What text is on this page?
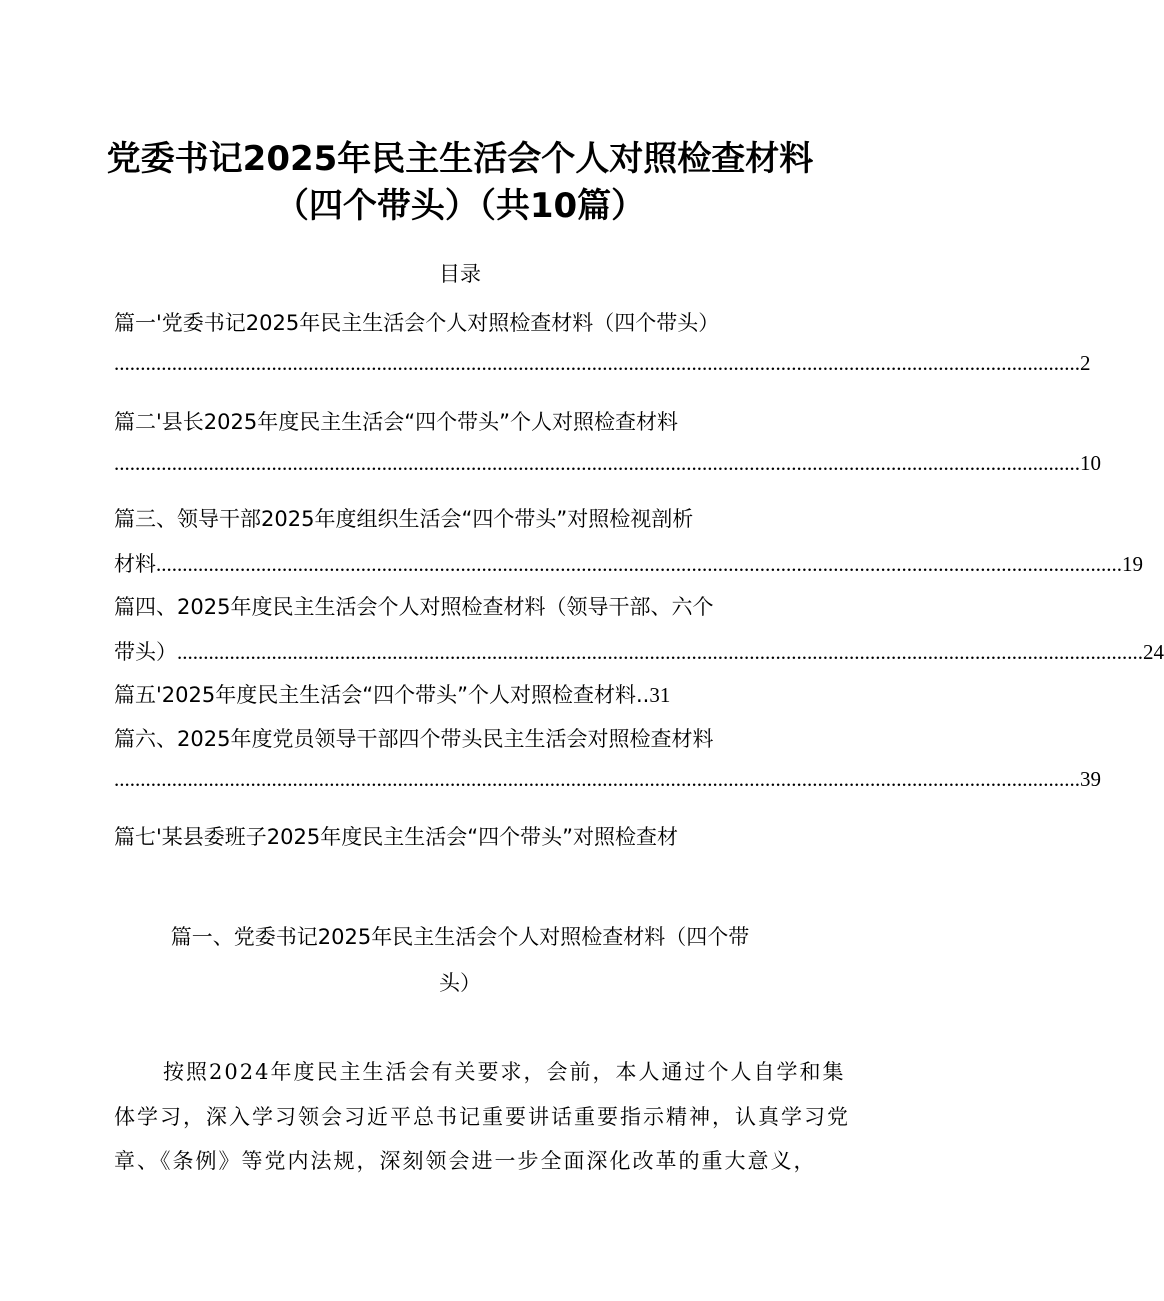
党委书记2025年民主生活会个人对照检查材料
（四个带头）（共10篇）
目录
篇一'党委书记2025年民主生活会个人对照检查材料（四个带头）
........................................................................................................................................................................................ 2
篇二'县长2025年度民主生活会“四个带头”个人对照检查材料
........................................................................................................................................................................................ 10
篇三、领导干部2025年度组织生活会“四个带头”对照检视剖析
材料 ........................................................................................................................................................................................ 19
篇四、2025年度民主生活会个人对照检查材料（领导干部、六个
带头） ........................................................................................................................................................................................ 24
篇五'2025年度民主生活会“四个带头”个人对照检查材料.. 31
篇六、2025年度党员领导干部四个带头民主生活会对照检查材料
........................................................................................................................................................................................ 39
篇七'某县委班子2025年度民主生活会“四个带头”对照检查材
篇一、党委书记2025年民主生活会个人对照检查材料（四个带
头）
按照2024年度民主生活会有关要求，会前，本人通过个人自学和集
体学习，深入学习领会习近平总书记重要讲话重要指示精神，认真学习党
章、《条例》等党内法规，深刻领会进一步全面深化改革的重大意义，
